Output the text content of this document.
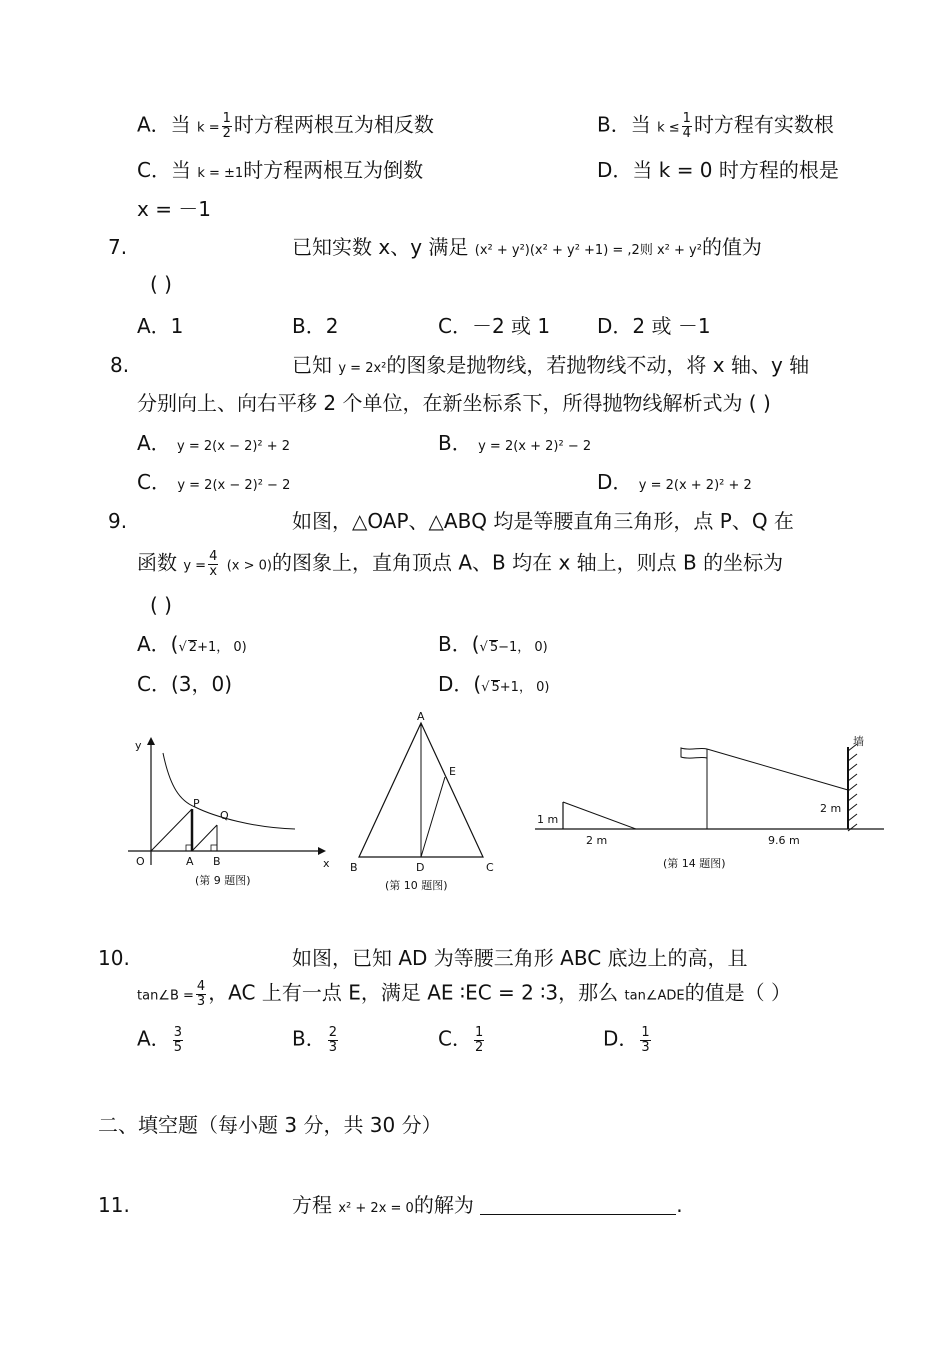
A．当 $k = \frac{1}{2}$ 时方程两根互为相反数	B．当 $k \le \frac{1}{4}$ 时方程有实数根
C．当 k = ±1时方程两根互为倒数	D．当 k = 0 时方程的根是
x = －1
7.	已知实数 x、y 满足 (x² + y²)(x² + y² +1) = ,2则 x² + y²的值为
( )
A．1	B．2	C．－2 或 1 D．2 或 －1
8.	已知 y = 2x²的图象是抛物线，若抛物线不动，将 x 轴、y 轴
分别向上、向右平移 2 个单位，在新坐标系下，所得抛物线解析式为 ( )
A． y = 2(x − 2)² + 2	B． y = 2(x + 2)² − 2
C． y = 2(x − 2)² − 2	D． y = 2(x + 2)² + 2
9.	如图，△OAP、△ABQ 均是等腰直角三角形，点 P、Q 在
函数 $y = \frac{4}{x} (x > 0)$的图象上，直角顶点 A、B 均在 x 轴上，则点 B 的坐标为
( )
A．(√ 2+1， 0)	B．(√ 5−1， 0)
C．(3，0)	D．(√ 5+1， 0)
y
x
O	A B
P
Q
(第 9 题图)
A
B	C
D
E
(第 10 题图)
墙
1 m
2 m
2 m
9.6 m
(第 14 题图)
10.	如图，已知 AD 为等腰三角形 ABC 底边上的高，且
tan∠B = $\frac{4}{3}$ ，AC 上有一点 E，满足 AE ∶EC = 2 ∶3，那么 tan∠ADE的值是（ ）
A． $\frac{3}{5}$	B． $\frac{2}{3}$	C． $\frac{1}{2}$	D． $\frac{1}{3}$
二、填空题（每小题 3 分，共 30 分）
11.	方程 x² + 2x = 0的解为	.
